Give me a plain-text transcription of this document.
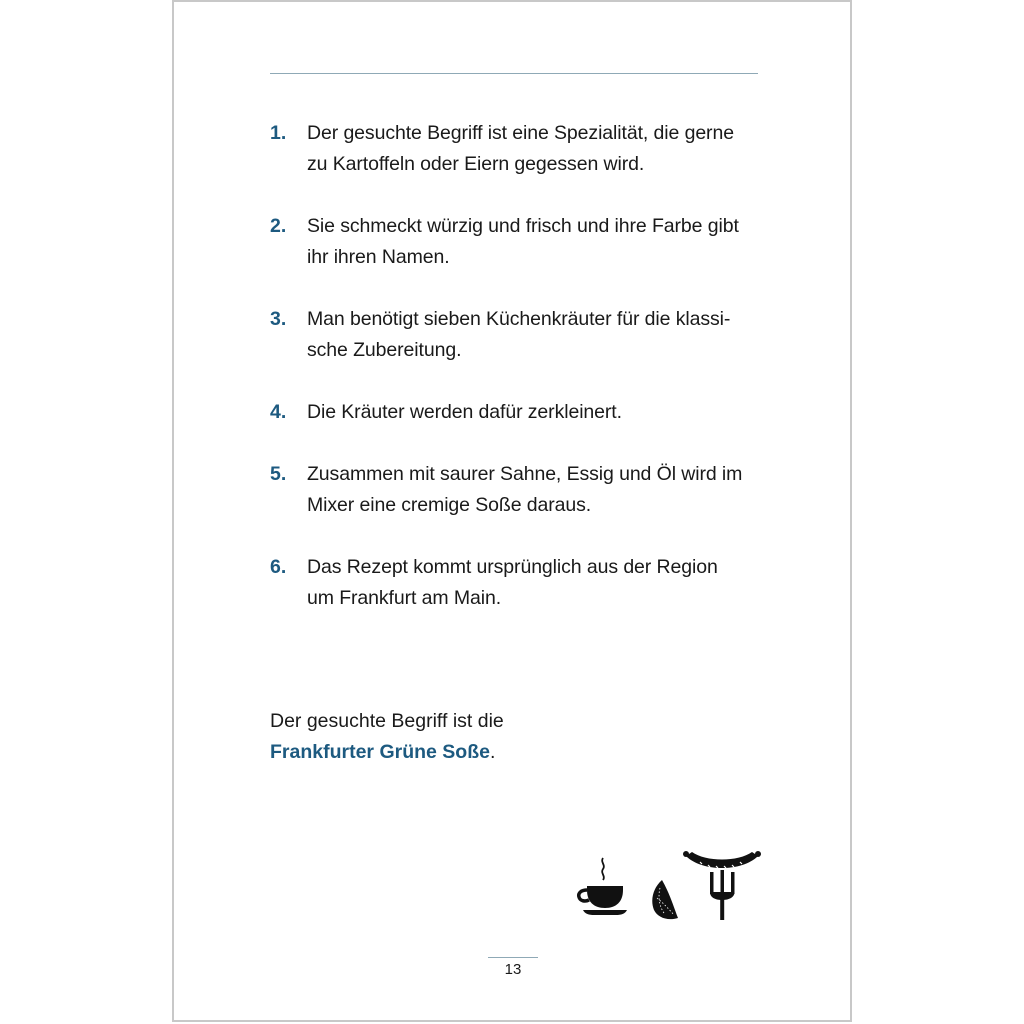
1. Der gesuchte Begriff ist eine Spezialität, die gerne
zu Kartoffeln oder Eiern gegessen wird.
2. Sie schmeckt würzig und frisch und ihre Farbe gibt
ihr ihren Namen.
3. Man benötigt sieben Küchenkräuter für die klassi-
sche Zubereitung.
4. Die Kräuter werden dafür zerkleinert.
5. Zusammen mit saurer Sahne, Essig und Öl wird im
Mixer eine cremige Soße daraus.
6. Das Rezept kommt ursprünglich aus der Region
um Frankfurt am Main.
Der gesuchte Begriff ist die
Frankfurter Grüne Soße.
13
